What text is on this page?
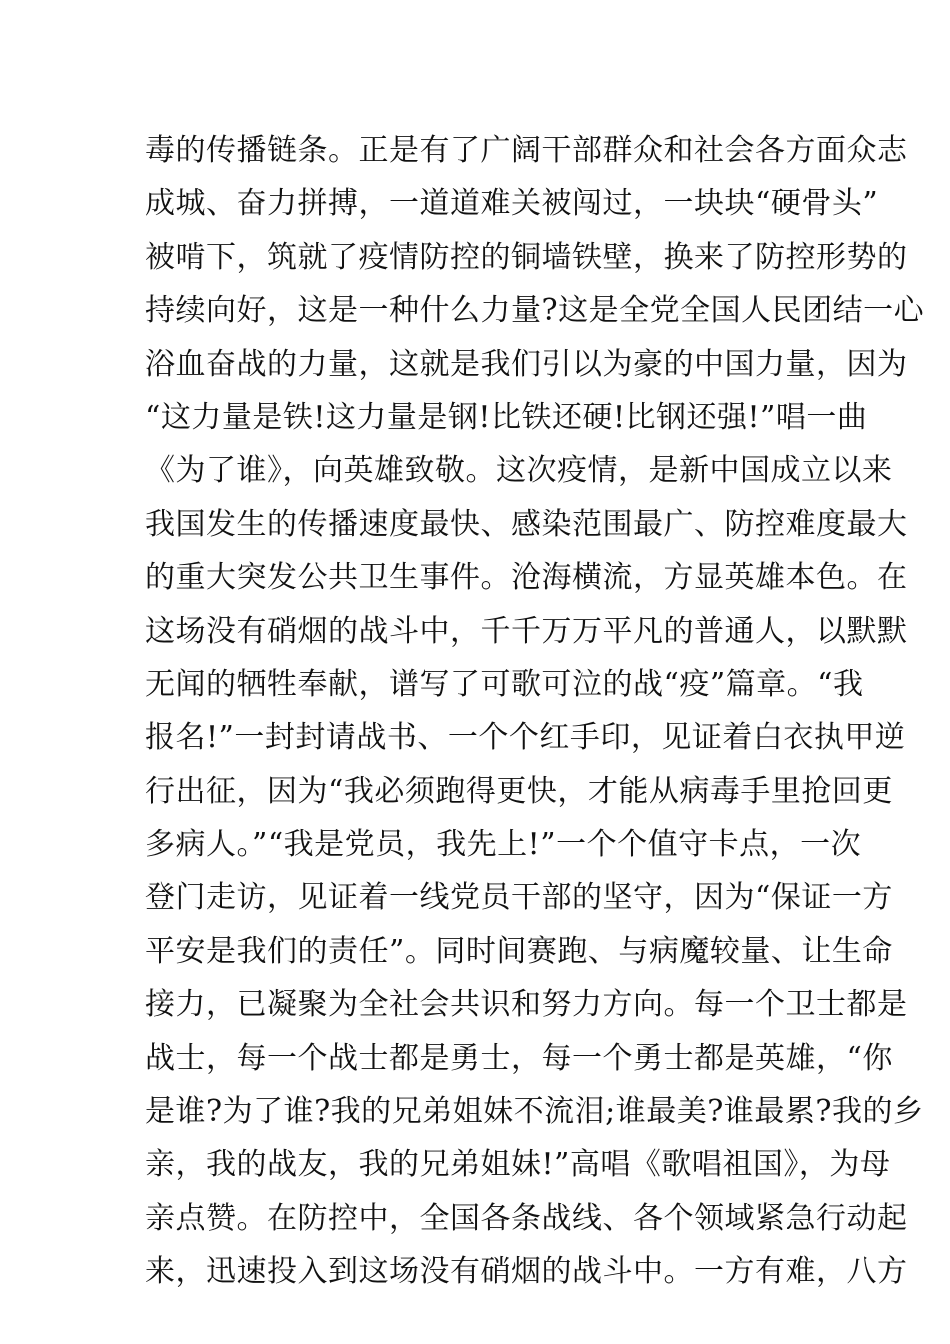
毒的传播链条。正是有了广阔干部群众和社会各方面众志
成城、奋力拼搏，一道道难关被闯过，一块块“硬骨头”
被啃下，筑就了疫情防控的铜墙铁壁，换来了防控形势的
持续向好，这是一种什么力量?这是全党全国人民团结一心
浴血奋战的力量，这就是我们引以为豪的中国力量，因为
“这力量是铁!这力量是钢!比铁还硬!比钢还强!”唱一曲
《为了谁》，向英雄致敬。这次疫情，是新中国成立以来
我国发生的传播速度最快、感染范围最广、防控难度最大
的重大突发公共卫生事件。沧海横流，方显英雄本色。在
这场没有硝烟的战斗中，千千万万平凡的普通人，以默默
无闻的牺牲奉献，谱写了可歌可泣的战“疫”篇章。“我
报名!”一封封请战书、一个个红手印，见证着白衣执甲逆
行出征，因为“我必须跑得更快，才能从病毒手里抢回更
多病人。”“我是党员，我先上!”一个个值守卡点，一次
登门走访，见证着一线党员干部的坚守，因为“保证一方
平安是我们的责任”。同时间赛跑、与病魔较量、让生命
接力，已凝聚为全社会共识和努力方向。每一个卫士都是
战士，每一个战士都是勇士，每一个勇士都是英雄，“你
是谁?为了谁?我的兄弟姐妹不流泪;谁最美?谁最累?我的乡
亲，我的战友，我的兄弟姐妹!”高唱《歌唱祖国》，为母
亲点赞。在防控中，全国各条战线、各个领域紧急行动起
来，迅速投入到这场没有硝烟的战斗中。一方有难，八方
